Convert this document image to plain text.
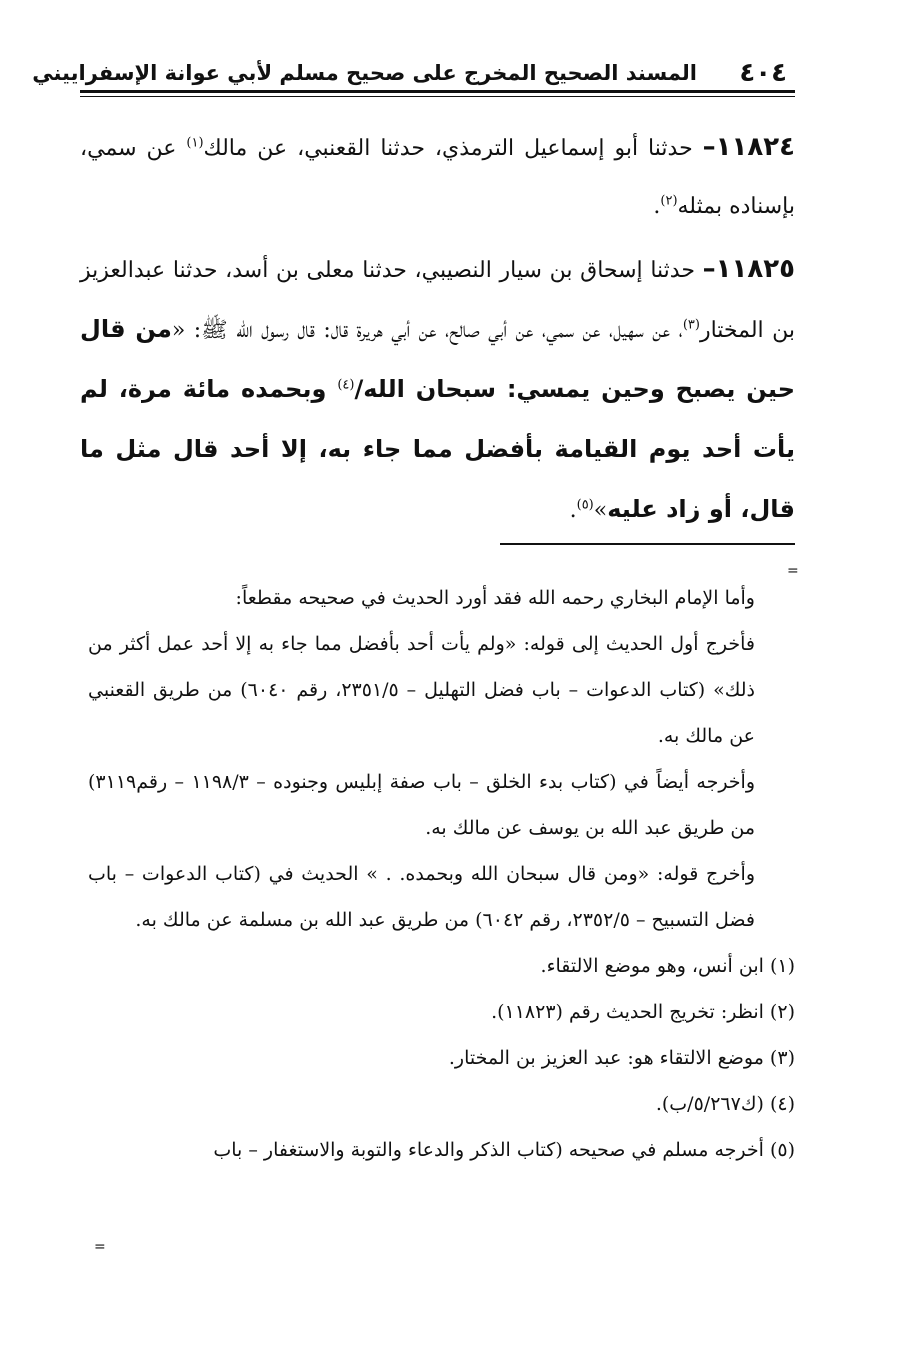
٤٠٤
المسند الصحيح المخرج على صحيح مسلم لأبي عوانة الإسفراييني

١١٨٢٤– حدثنا أبو إسماعيل الترمذي، حدثنا القعنبي، عن مالك$^{(١)}$ عن سمي، بإسناده بمثله$^{(٢)}$.

١١٨٢٥– حدثنا إسحاق بن سيار النصيبي، حدثنا معلى بن أسد، حدثنا عبدالعزيز بن المختار$^{(٣)}$، عن سهيل، عن سمي، عن أبي صالح، عن أبي هريرة قال: قال رسول الله ﷺ: «من قال حين يصبح وحين يمسي: سبحان الله/$^{(٤)}$ وبحمده مائة مرة، لم يأت أحد يوم القيامة بأفضل مما جاء به، إلا أحد قال مثل ما قال، أو زاد عليه»$^{(٥)}$.

=

وأما الإمام البخاري رحمه الله فقد أورد الحديث في صحيحه مقطعاً:

فأخرج أول الحديث إلى قوله: «ولم يأت أحد بأفضل مما جاء به إلا أحد عمل أكثر من ذلك» (كتاب الدعوات – باب فضل التهليل – ٢٣٥١/٥، رقم ٦٠٤٠) من طريق القعنبي عن مالك به.

وأخرجه أيضاً في (كتاب بدء الخلق – باب صفة إبليس وجنوده – ١١٩٨/٣ – رقم٣١١٩) من طريق عبد الله بن يوسف عن مالك به.

وأخرج قوله: «ومن قال سبحان الله وبحمده. . » الحديث في (كتاب الدعوات – باب فضل التسبيح – ٢٣٥٢/٥، رقم ٦٠٤٢) من طريق عبد الله بن مسلمة عن مالك به.

(١) ابن أنس، وهو موضع الالتقاء.

(٢) انظر: تخريج الحديث رقم (١١٨٢٣).

(٣) موضع الالتقاء هو: عبد العزيز بن المختار.

(٤) (ك٥/٢٦٧/ب).

(٥) أخرجه مسلم في صحيحه (كتاب الذكر والدعاء والتوبة والاستغفار – باب

=
